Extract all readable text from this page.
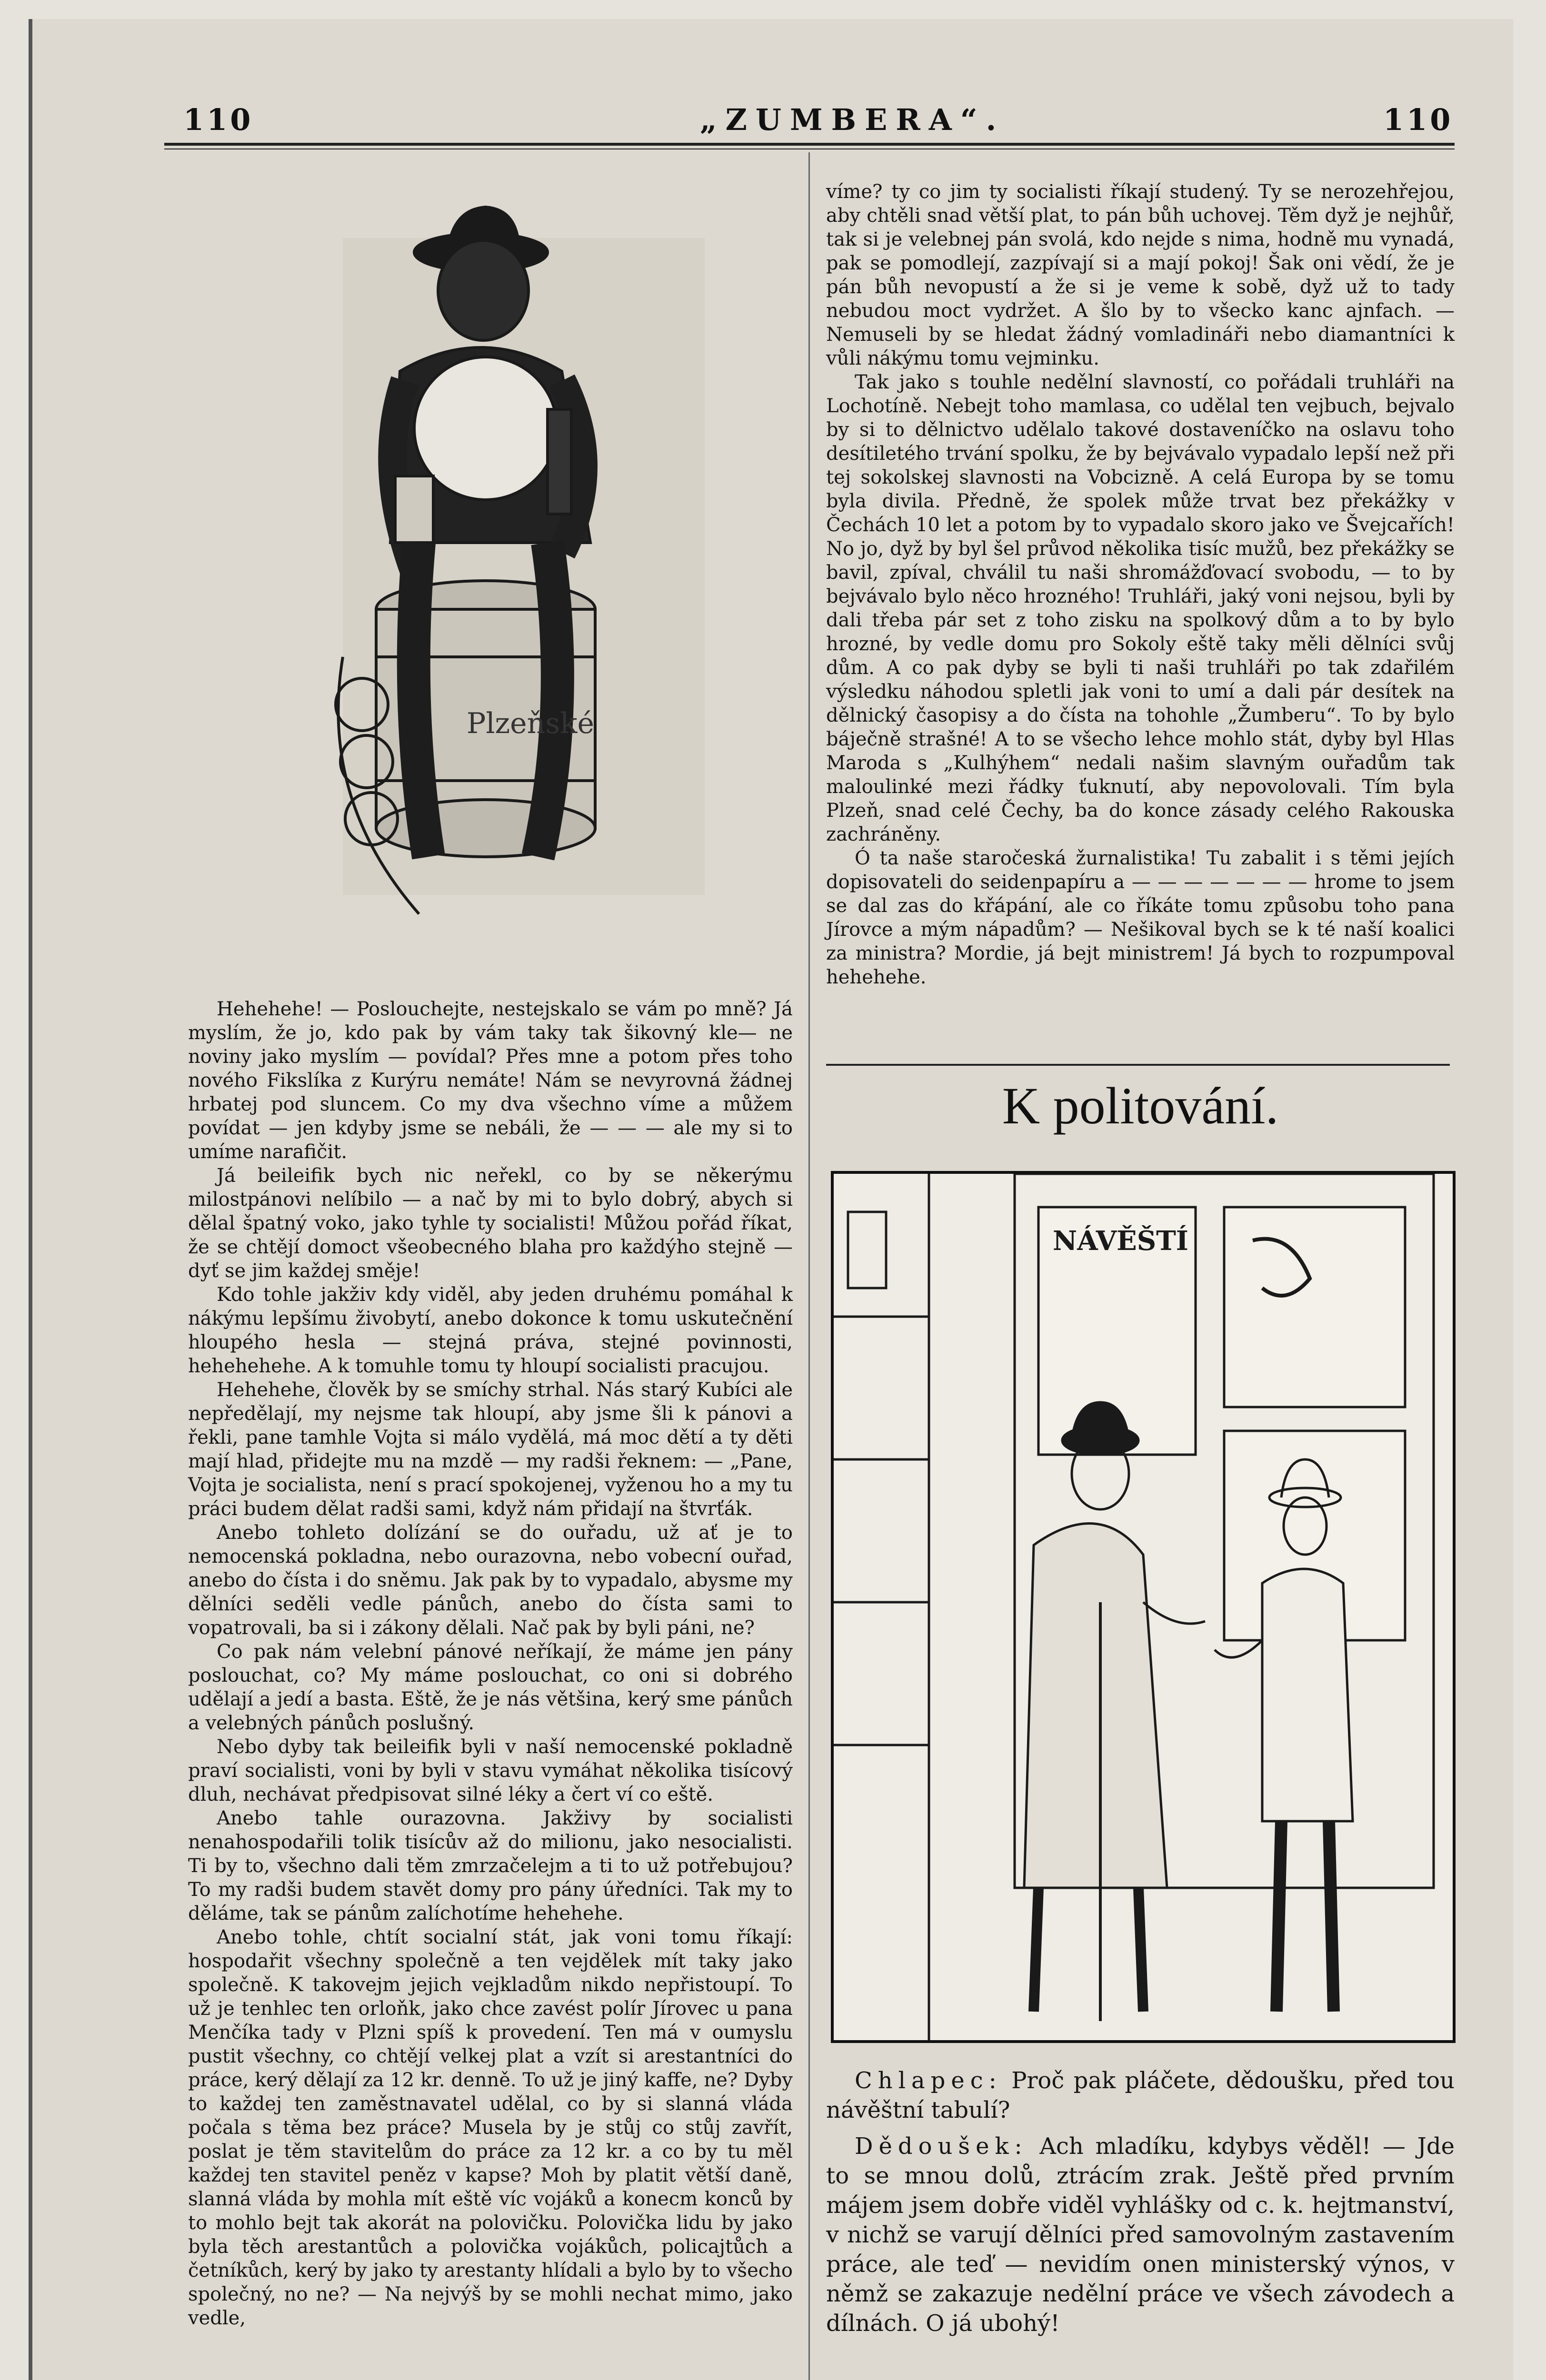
110	„ZUMBERA“.	110
Plzeňské

Hehehehe! — Poslouchejte, nestejskalo se vám po mně? Já myslím, že jo, kdo pak by vám taky tak šikovný kle— ne noviny jako myslím — povídal? Přes mne a potom přes toho nového Fikslíka z Kurýru nemáte! Nám se nevyrovná žádnej hrbatej pod sluncem. Co my dva všechno víme a můžem povídat — jen kdyby jsme se nebáli, že — — — ale my si to umíme narafičit.

Já beileifik bych nic neřekl, co by se někerýmu milostpánovi nelíbilo — a nač by mi to bylo dobrý, abych si dělal špatný voko, jako tyhle ty socialisti! Můžou pořád říkat, že se chtějí domoct všeobecného blaha pro každýho stejně — dyť se jim každej směje!

Kdo tohle jakživ kdy viděl, aby jeden druhému pomáhal k nákýmu lepšímu živobytí, anebo dokonce k tomu uskutečnění hloupého hesla — stejná práva, stejné povinnosti, hehehehehe. A k tomuhle tomu ty hloupí socialisti pracujou.

Hehehehe, člověk by se smíchy strhal. Nás starý Kubíci ale nepředělají, my nejsme tak hloupí, aby jsme šli k pánovi a řekli, pane tamhle Vojta si málo vydělá, má moc dětí a ty děti mají hlad, přidejte mu na mzdě — my radši řeknem: — „Pane, Vojta je socialista, není s prací spokojenej, vyženou ho a my tu práci budem dělat radši sami, když nám přidají na štvrťák.

Anebo tohleto dolízání se do ouřadu, už ať je to nemocenská pokladna, nebo ourazovna, nebo vobecní ouřad, anebo do čísta i do sněmu. Jak pak by to vypadalo, abysme my dělníci seděli vedle pánůch, anebo do čísta sami to vopatrovali, ba si i zákony dělali. Nač pak by byli páni, ne?

Co pak nám velební pánové neříkají, že máme jen pány poslouchat, co? My máme poslouchat, co oni si dobrého udělají a jedí a basta. Eště, že je nás většina, kerý sme pánůch a velebných pánůch poslušný.

Nebo dyby tak beileifik byli v naší nemocenské pokladně praví socialisti, voni by byli v stavu vymáhat několika tisícový dluh, nechávat předpisovat silné léky a čert ví co eště.

Anebo tahle ourazovna. Jakživy by socialisti nenahospodařili tolik tisícův až do milionu, jako nesocialisti. Ti by to, všechno dali těm zmrzačelejm a ti to už potřebujou? To my radši budem stavět domy pro pány úředníci. Tak my to děláme, tak se pánům zalíchotíme hehehehe.

Anebo tohle, chtít socialní stát, jak voni tomu říkají: hospodařit všechny společně a ten vejdělek mít taky jako společně. K takovejm jejich vejkladům nikdo nepřistoupí. To už je tenhlec ten orloňk, jako chce zavést polír Jírovec u pana Menčíka tady v Plzni spíš k provedení. Ten má v oumyslu pustit všechny, co chtějí velkej plat a vzít si arestantníci do práce, kerý dělají za 12 kr. denně. To už je jiný kaffe, ne? Dyby to každej ten zaměstnavatel udělal, co by si slanná vláda počala s těma bez práce? Musela by je stůj co stůj zavřít, poslat je těm stavitelům do práce za 12 kr. a co by tu měl každej ten stavitel peněz v kapse? Moh by platit větší daně, slanná vláda by mohla mít eště víc vojáků a konecm konců by to mohlo bejt tak akorát na polovičku. Polovička lidu by jako byla těch arestantůch a polovička vojákůch, policajtůch a četníkůch, kerý by jako ty arestanty hlídali a bylo by to všecho společný, no ne? — Na nejvýš by se mohli nechat mimo, jako vedle,

víme? ty co jim ty socialisti říkají studený. Ty se nerozehřejou, aby chtěli snad větší plat, to pán bůh uchovej. Těm dyž je nejhůř, tak si je velebnej pán svolá, kdo nejde s nima, hodně mu vynadá, pak se pomodlejí, zazpívají si a mají pokoj! Šak oni vědí, že je pán bůh nevopustí a že si je veme k sobě, dyž už to tady nebudou moct vydržet. A šlo by to všecko kanc ajnfach. — Nemuseli by se hledat žádný vomladináři nebo diamantníci k vůli nákýmu tomu vejminku.

Tak jako s touhle nedělní slavností, co pořádali truhláři na Lochotíně. Nebejt toho mamlasa, co udělal ten vejbuch, bejvalo by si to dělnictvo udělalo takové dostaveníčko na oslavu toho desítiletého trvání spolku, že by bejvávalo vypadalo lepší než při tej sokolskej slavnosti na Vobcizně. A celá Europa by se tomu byla divila. Předně, že spolek může trvat bez překážky v Čechách 10 let a potom by to vypadalo skoro jako ve Švejcařích! No jo, dyž by byl šel průvod několika tisíc mužů, bez překážky se bavil, zpíval, chválil tu naši shromážďovací svobodu, — to by bejvávalo bylo něco hrozného! Truhláři, jaký voni nejsou, byli by dali třeba pár set z toho zisku na spolkový dům a to by bylo hrozné, by vedle domu pro Sokoly eště taky měli dělníci svůj dům. A co pak dyby se byli ti naši truhláři po tak zdařilém výsledku náhodou spletli jak voni to umí a dali pár desítek na dělnický časopisy a do čísta na tohohle „Žumberu“. To by bylo báječně strašné! A to se všecho lehce mohlo stát, dyby byl Hlas Maroda s „Kulhýhem“ nedali našim slavným ouřadům tak maloulinké mezi řádky ťuknutí, aby nepovolovali. Tím byla Plzeň, snad celé Čechy, ba do konce zásady celého Rakouska zachráněny.

Ó ta naše staročeská žurnalistika! Tu zabalit i s těmi jejích dopisovateli do seidenpapíru a — — — — — — — hrome to jsem se dal zas do křápání, ale co říkáte tomu způsobu toho pana Jírovce a mým nápadům? — Nešikoval bych se k té naší koalici za ministra? Mordie, já bejt ministrem! Já bych to rozpumpoval hehehehe.

K politování.
NÁVĚŠTÍ

Chlapec: Proč pak pláčete, dědoušku, před tou návěštní tabulí?

Dědoušek: Ach mladíku, kdybys věděl! — Jde to se mnou dolů, ztrácím zrak. Ještě před prvním májem jsem dobře viděl vyhlášky od c. k. hejtmanství, v nichž se varují dělníci před samovolným zastavením práce, ale teď — nevidím onen ministerský výnos, v němž se zakazuje nedělní práce ve všech závodech a dílnách. O já ubohý!
